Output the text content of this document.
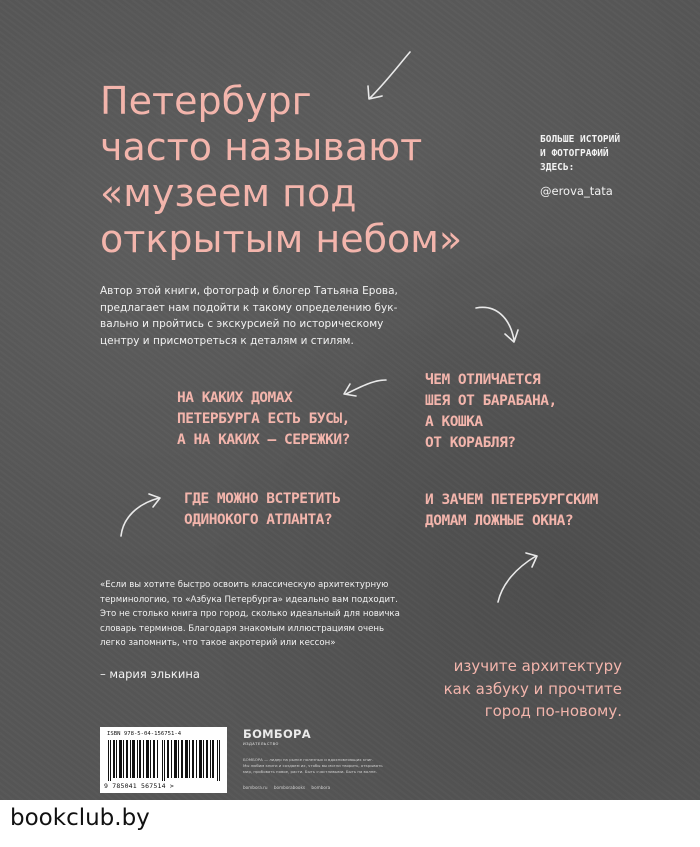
Петербург
часто называют
«музеем под
открытым небом»
БОЛЬШЕ ИСТОРИЙ
И ФОТОГРАФИЙ
ЗДЕСЬ:
@erova_tata
Автор этой книги, фотограф и блогер Татьяна Ерова,
предлагает нам подойти к такому определению бук-
вально и пройтись с экскурсией по историческому
центру и присмотреться к деталям и стилям.
НА КАКИХ ДОМАХ
ПЕТЕРБУРГА ЕСТЬ БУСЫ,
А НА КАКИХ – СЕРЕЖКИ?
ЧЕМ ОТЛИЧАЕТСЯ
ШЕЯ ОТ БАРАБАНА,
А КОШКА
ОТ КОРАБЛЯ?
ГДЕ МОЖНО ВСТРЕТИТЬ
ОДИНОКОГО АТЛАНТА?
И ЗАЧЕМ ПЕТЕРБУРГСКИМ
ДОМАМ ЛОЖНЫЕ ОКНА?
«Если вы хотите быстро освоить классическую архитектурную
терминологию, то «Азбука Петербурга» идеально вам подходит.
Это не столько книга про город, сколько идеальный для новичка
словарь терминов. Благодаря знакомым иллюстрациям очень
легко запомнить, что такое акротерий или кессон»
– мария элькина	изучите архитектуру
как азбуку и прочтите
город по-новому.
ISBN 978-5-04-156751-4
9 785041 567514 >
БОМБОРА
ИЗДАТЕЛЬСТВО
БОМБОРА — лидер на рынке полезных и вдохновляющих книг.
Мы любим книги и создаем их, чтобы вы могли творить, открывать
мир, пробовать новое, расти. Быть счастливыми. Быть на волне.
bombora.ru bomborabooks bombora
bookclub.by
